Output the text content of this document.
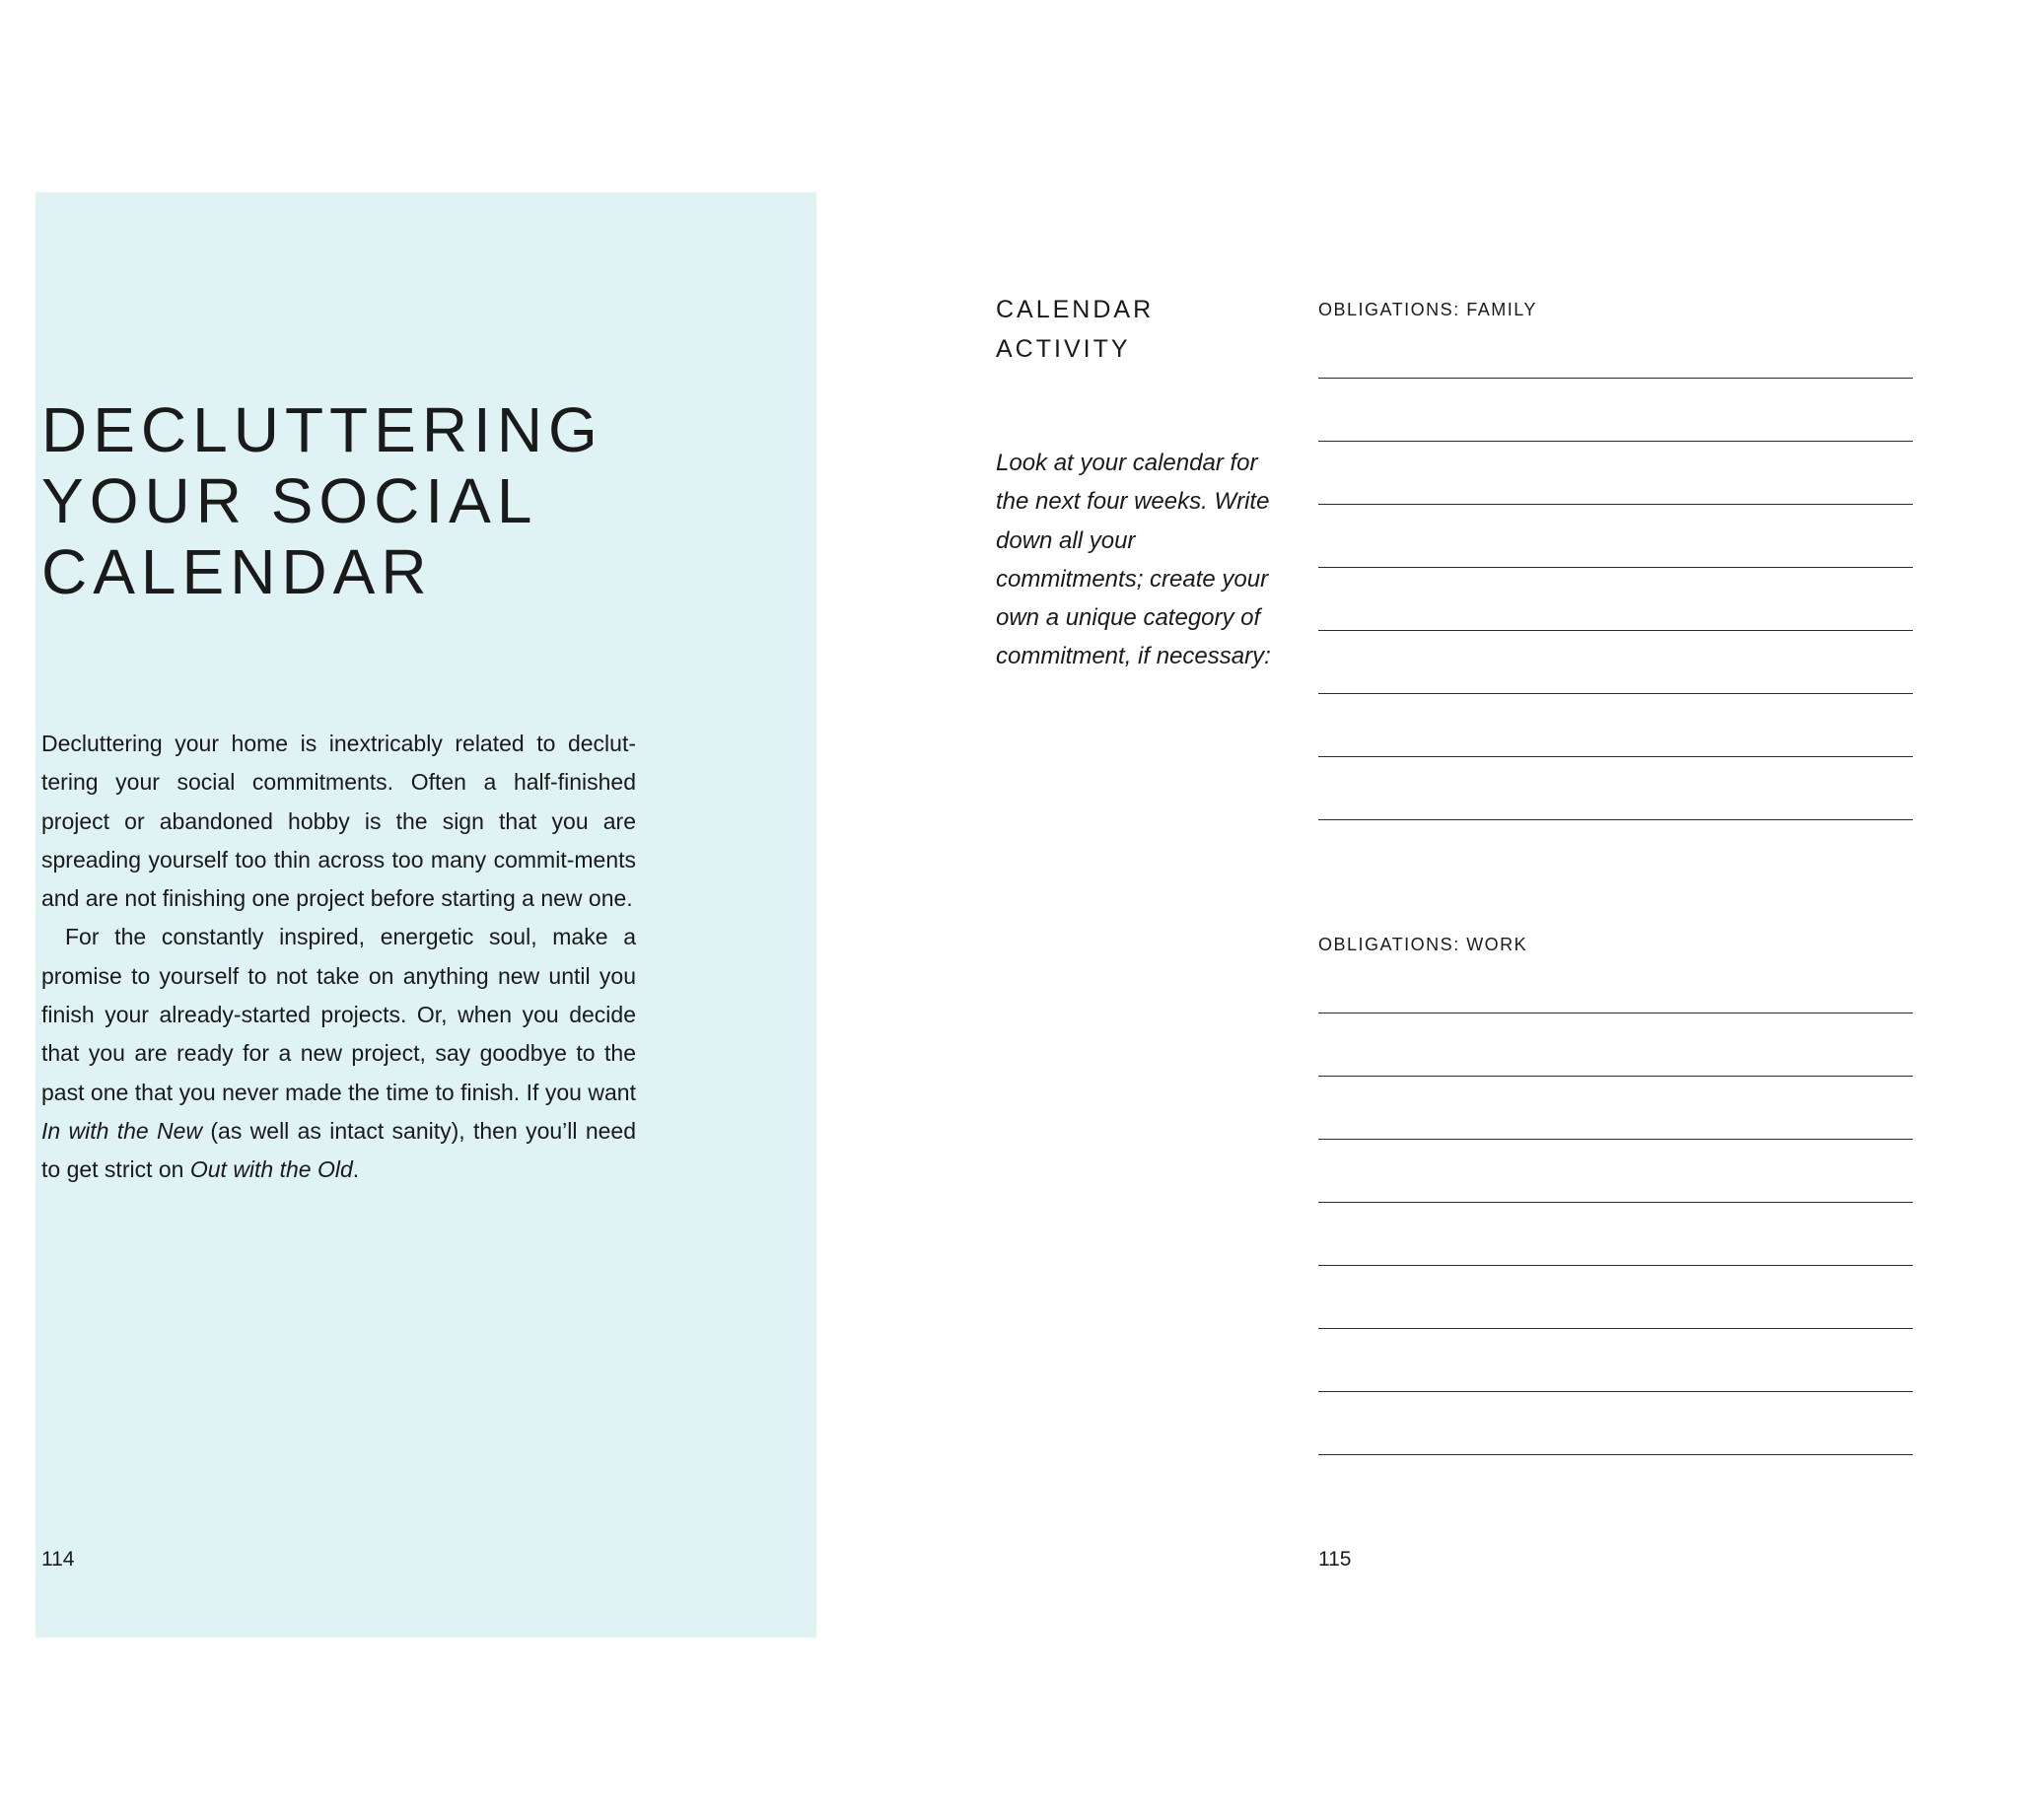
DECLUTTERING
YOUR SOCIAL
CALENDAR

Decluttering your home is inextricably related to declut-tering your social commitments. Often a half-finished project or abandoned hobby is the sign that you are spreading yourself too thin across too many commit-ments and are not finishing one project before starting a new one.

For the constantly inspired, energetic soul, make a promise to yourself to not take on anything new until you finish your already-started projects. Or, when you decide that you are ready for a new project, say goodbye to the past one that you never made the time to finish. If you want In with the New (as well as intact sanity), then you’ll need to get strict on Out with the Old.

114
CALENDAR
ACTIVITY

Look at your calendar for the next four weeks. Write down all your commitments; create your own a unique category of commitment, if necessary:

OBLIGATIONS: FAMILY
OBLIGATIONS: WORK
115
